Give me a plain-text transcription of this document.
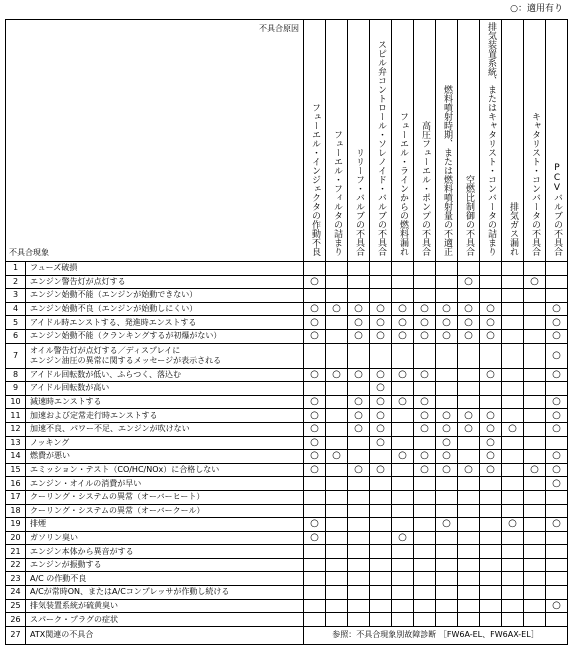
○：適用有り
不具合原因
不具合現象		フューエル・インジェクタの作動不良	フューエル・フィルタの詰まり	リリーフ・バルブの不具合	スピル弁コントロール・ソレノイド・バルブの不具合	フューエル・ラインからの燃料漏れ	高圧フューエル・ポンプの不具合	燃料噴射時期、または燃料噴射量の不適正	空燃比制御の不具合	排気装置系統、またはキャタリスト・コンバータの詰まり	排気ガス漏れ	キャタリスト・コンバータの不具合	PCVバルブの不具合

1	フューズ破損												
2	エンジン警告灯が点灯する	○							○			○	
3	エンジン始動不能（エンジンが始動できない）												
4	エンジン始動不良（エンジンが始動しにくい）	○	○	○	○	○	○	○	○	○			○
5	アイドル時エンストする、発進時エンストする	○		○	○	○	○	○	○	○			○
6	エンジン始動不能（クランキングするが初爆がない）	○		○	○	○	○	○	○	○			○
7	オイル警告灯が点灯する／ディスプレイに
エンジン油圧の異常に関するメッセージが表示される												○
8	アイドル回転数が低い、ふらつく、落込む	○	○	○	○	○	○			○			○
9	アイドル回転数が高い				○								
10	減速時エンストする	○		○	○	○	○						○
11	加速および定常走行時エンストする	○		○	○		○	○	○	○			○
12	加速不良、パワー不足、エンジンが吹けない	○		○	○		○	○	○	○	○		○
13	ノッキング	○			○			○		○			
14	燃費が悪い	○	○			○	○	○		○			○
15	エミッション・テスト（CO/HC/NOx）に合格しない	○		○	○		○	○	○	○		○	○
16	エンジン・オイルの消費が早い												○
17	クーリング・システムの異常（オーバーヒート）												
18	クーリング・システムの異常（オーバークール）												
19	排煙	○						○			○		○
20	ガソリン臭い	○				○							
21	エンジン本体から異音がする												
22	エンジンが振動する												
23	A/C の作動不良												
24	A/Cが常時ON、またはA/Cコンプレッサが作動し続ける												
25	排気装置系統が硫黄臭い												○
26	スパーク・プラグの症状												
27	ATX関連の不具合	参照：不具合現象別故障診断 ［FW6A-EL、FW6AX-EL］											
